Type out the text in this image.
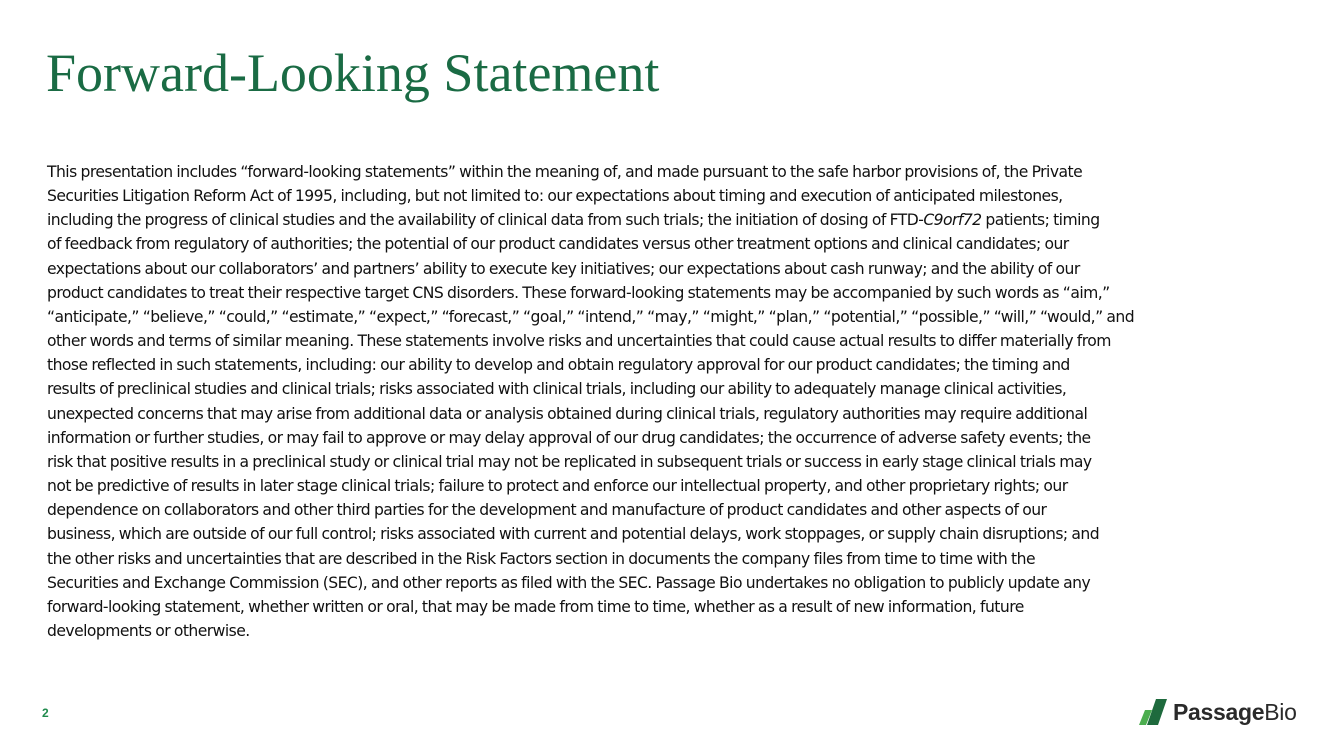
Forward-Looking Statement
This presentation includes “forward-looking statements” within the meaning of, and made pursuant to the safe harbor provisions of, the Private
Securities Litigation Reform Act of 1995, including, but not limited to: our expectations about timing and execution of anticipated milestones,
including the progress of clinical studies and the availability of clinical data from such trials; the initiation of dosing of FTD-C9orf72 patients; timing
of feedback from regulatory of authorities; the potential of our product candidates versus other treatment options and clinical candidates; our
expectations about our collaborators’ and partners’ ability to execute key initiatives; our expectations about cash runway; and the ability of our
product candidates to treat their respective target CNS disorders. These forward-looking statements may be accompanied by such words as “aim,”
“anticipate,” “believe,” “could,” “estimate,” “expect,” “forecast,” “goal,” “intend,” “may,” “might,” “plan,” “potential,” “possible,” “will,” “would,” and
other words and terms of similar meaning. These statements involve risks and uncertainties that could cause actual results to differ materially from
those reflected in such statements, including: our ability to develop and obtain regulatory approval for our product candidates; the timing and
results of preclinical studies and clinical trials; risks associated with clinical trials, including our ability to adequately manage clinical activities,
unexpected concerns that may arise from additional data or analysis obtained during clinical trials, regulatory authorities may require additional
information or further studies, or may fail to approve or may delay approval of our drug candidates; the occurrence of adverse safety events; the
risk that positive results in a preclinical study or clinical trial may not be replicated in subsequent trials or success in early stage clinical trials may
not be predictive of results in later stage clinical trials; failure to protect and enforce our intellectual property, and other proprietary rights; our
dependence on collaborators and other third parties for the development and manufacture of product candidates and other aspects of our
business, which are outside of our full control; risks associated with current and potential delays, work stoppages, or supply chain disruptions; and
the other risks and uncertainties that are described in the Risk Factors section in documents the company files from time to time with the
Securities and Exchange Commission (SEC), and other reports as filed with the SEC. Passage Bio undertakes no obligation to publicly update any
forward-looking statement, whether written or oral, that may be made from time to time, whether as a result of new information, future
developments or otherwise.
2	PassageBio
